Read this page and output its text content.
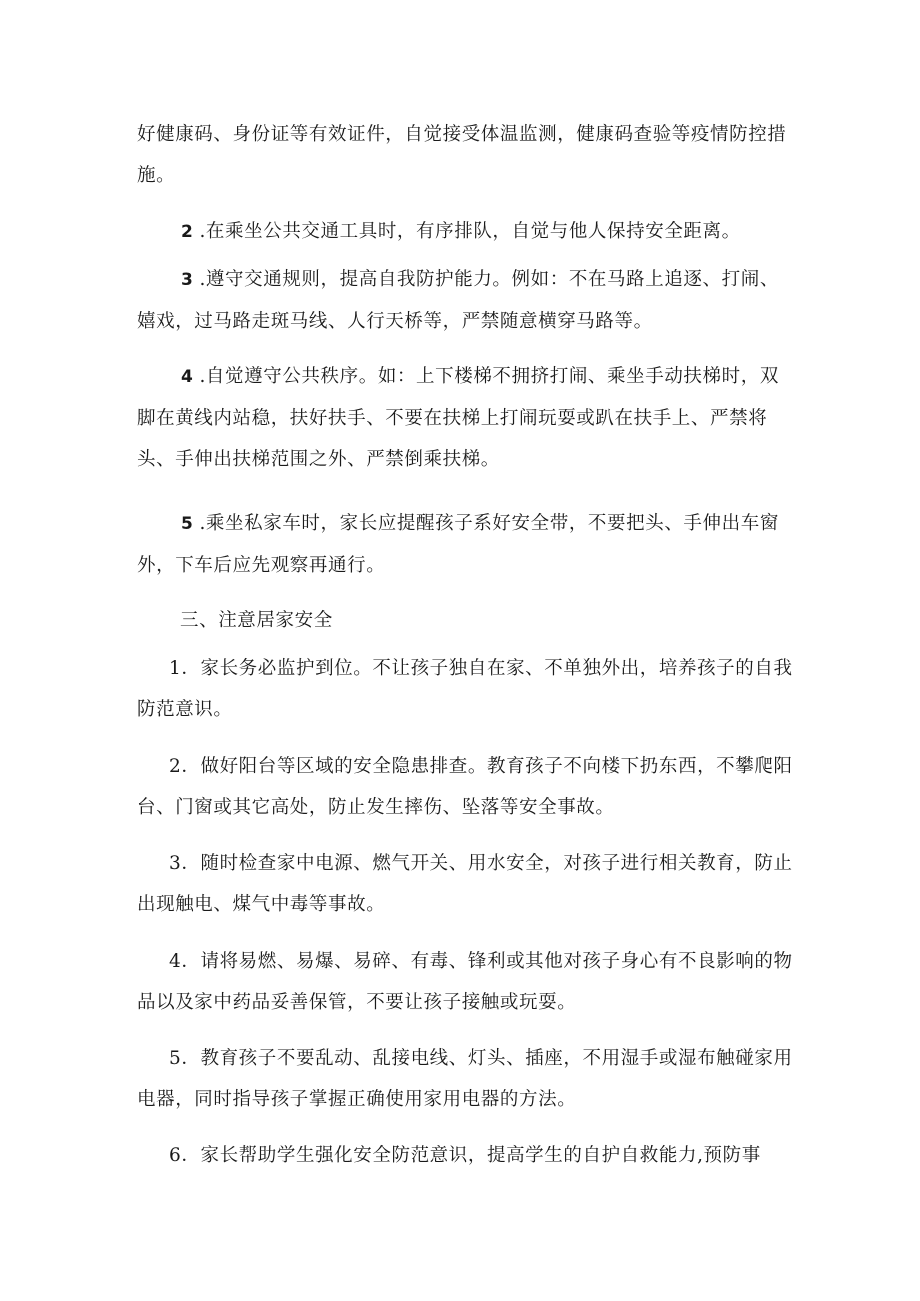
好健康码、身份证等有效证件，自觉接受体温监测，健康码查验等疫情防控措施。

2 .在乘坐公共交通工具时，有序排队，自觉与他人保持安全距离。

3 .遵守交通规则，提高自我防护能力。例如：不在马路上追逐、打闹、嬉戏，过马路走斑马线、人行天桥等，严禁随意横穿马路等。

4 .自觉遵守公共秩序。如：上下楼梯不拥挤打闹、乘坐手动扶梯时，双脚在黄线内站稳，扶好扶手、不要在扶梯上打闹玩耍或趴在扶手上、严禁将头、手伸出扶梯范围之外、严禁倒乘扶梯。

5 .乘坐私家车时，家长应提醒孩子系好安全带，不要把头、手伸出车窗外，下车后应先观察再通行。

三、注意居家安全

1．家长务必监护到位。不让孩子独自在家、不单独外出，培养孩子的自我防范意识。

2．做好阳台等区域的安全隐患排查。教育孩子不向楼下扔东西，不攀爬阳台、门窗或其它高处，防止发生摔伤、坠落等安全事故。

3．随时检查家中电源、燃气开关、用水安全，对孩子进行相关教育，防止出现触电、煤气中毒等事故。

4．请将易燃、易爆、易碎、有毒、锋利或其他对孩子身心有不良影响的物品以及家中药品妥善保管，不要让孩子接触或玩耍。

5．教育孩子不要乱动、乱接电线、灯头、插座，不用湿手或湿布触碰家用电器，同时指导孩子掌握正确使用家用电器的方法。

6．家长帮助学生强化安全防范意识，提高学生的自护自救能力,预防事
